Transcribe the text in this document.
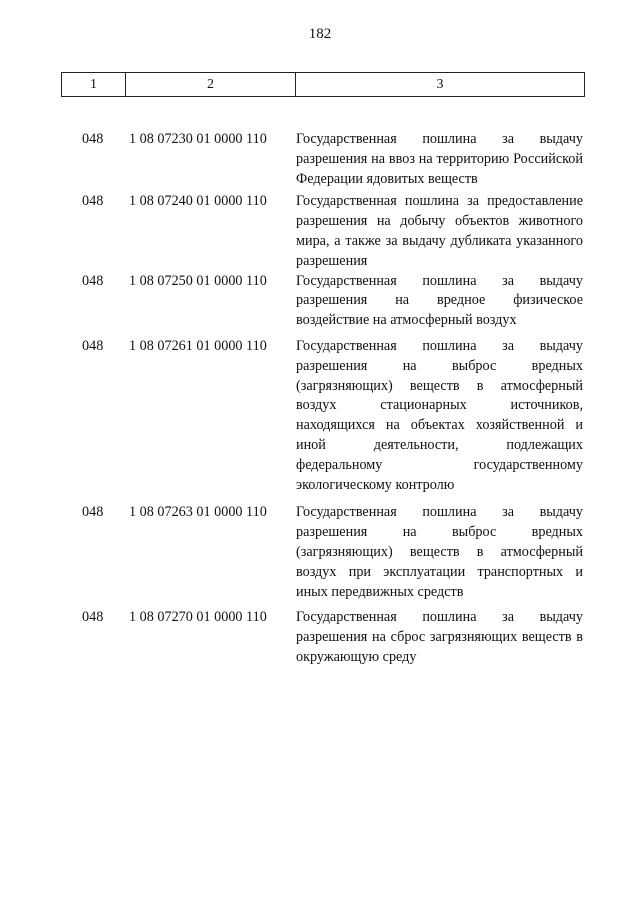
182
1	2	3
048	1 08 07230 01 0000 110	Государственная пошлина за выдачу разрешения на ввоз на территорию Российской Федерации ядовитых веществ
048	1 08 07240 01 0000 110	Государственная пошлина за предоставление разрешения на добычу объектов животного мира, а также за выдачу дубликата указанного разрешения
048	1 08 07250 01 0000 110	Государственная пошлина за выдачу разрешения на вредное физическое воздействие на атмосферный воздух
048	1 08 07261 01 0000 110	Государственная пошлина за выдачу разрешения на выброс вредных (загрязняющих) веществ в атмосферный воздух стационарных источников, находящихся на объектах хозяйственной и иной деятельности, подлежащих федеральному государственному экологическому контролю
048	1 08 07263 01 0000 110	Государственная пошлина за выдачу разрешения на выброс вредных (загрязняющих) веществ в атмосферный воздух при эксплуатации транспортных и иных передвижных средств
048	1 08 07270 01 0000 110	Государственная пошлина за выдачу разрешения на сброс загрязняющих веществ в окружающую среду
